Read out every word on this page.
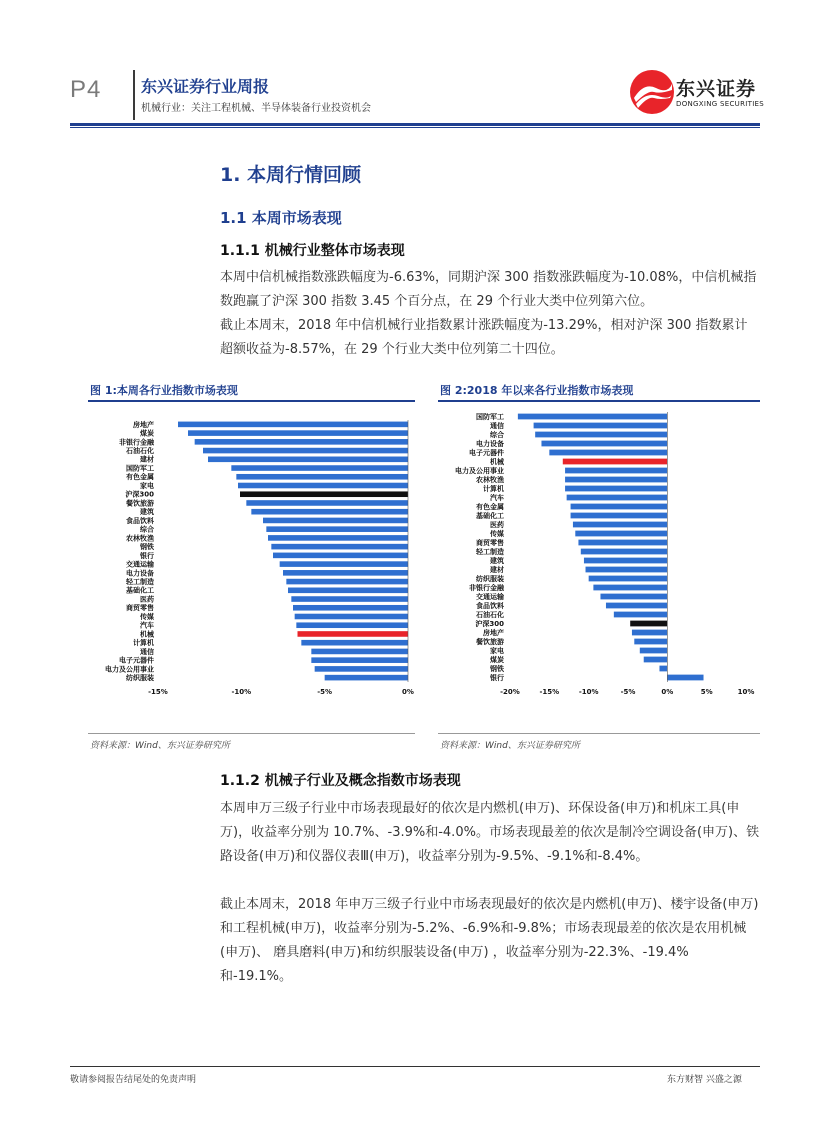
P4 东兴证券行业周报
机械行业：关注工程机械、半导体装备行业投资机会
东兴证券
DONGXING SECURITIES
1. 本周行情回顾
1.1 本周市场表现
1.1.1 机械行业整体市场表现
本周中信机械指数涨跌幅度为-6.63%，同期沪深 300 指数涨跌幅度为-10.08%，中信机械指数跑赢了沪深 300 指数 3.45 个百分点，在 29 个行业大类中位列第六位。
截止本周末，2018 年中信机械行业指数累计涨跌幅度为-13.29%，相对沪深 300 指数累计超额收益为-8.57%，在 29 个行业大类中位列第二十四位。
图 1:本周各行业指数市场表现
房地产
煤炭
非银行金融
石油石化
建材
国防军工
有色金属
家电
沪深300
餐饮旅游
建筑
食品饮料
综合
农林牧渔
钢铁
银行
交通运输
电力设备
轻工制造
基础化工
医药
商贸零售
传媒
汽车
机械
计算机
通信
电子元器件
电力及公用事业
纺织服装
-15%	-10%	-5%	0%
资料来源：Wind、东兴证券研究所
图 2:2018 年以来各行业指数市场表现
国防军工
通信
综合
电力设备
电子元器件
机械
电力及公用事业
农林牧渔
计算机
汽车
有色金属
基础化工
医药
传媒
商贸零售
轻工制造
建筑
建材
纺织服装
非银行金融
交通运输
食品饮料
石油石化
沪深300
房地产
餐饮旅游
家电
煤炭
钢铁
银行
-20%	-15%	-10%	-5%	0%	5%	10%
资料来源：Wind、东兴证券研究所
1.1.2 机械子行业及概念指数市场表现
本周申万三级子行业中市场表现最好的依次是内燃机(申万)、环保设备(申万)和机床工具(申万)，收益率分别为 10.7%、-3.9%和-4.0%。市场表现最差的依次是制冷空调设备(申万)、铁路设备(申万)和仪器仪表Ⅲ(申万)，收益率分别为-9.5%、-9.1%和-8.4%。
截止本周末，2018 年申万三级子行业中市场表现最好的依次是内燃机(申万)、楼宇设备(申万)和工程机械(申万)，收益率分别为-5.2%、-6.9%和-9.8%；市场表现最差的依次是农用机械(申万)、 磨具磨料(申万)和纺织服装设备(申万) ，收益率分别为-22.3%、-19.4%和-19.1%。
敬请参阅报告结尾处的免责声明	东方财智 兴盛之源
